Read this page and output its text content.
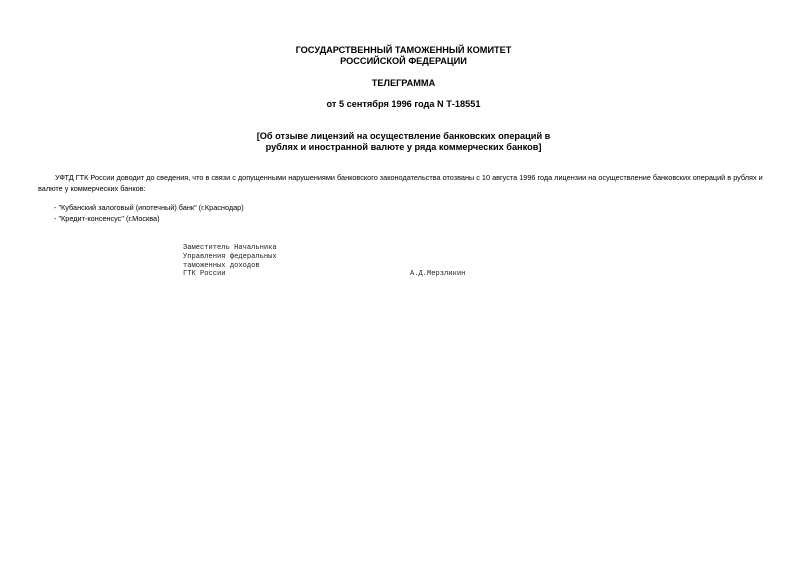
ГОСУДАРСТВЕННЫЙ ТАМОЖЕННЫЙ КОМИТЕТ
РОССИЙСКОЙ ФЕДЕРАЦИИ
ТЕЛЕГРАММА
от 5 сентября 1996 года N Т-18551
[Об отзыве лицензий на осуществление банковских операций в
рублях и иностранной валюте у ряда коммерческих банков]
УФТД ГТК России доводит до сведения, что в связи с допущенными нарушениями банковского законодательства отозваны с 10 августа 1996 года лицензии на осуществление банковских операций в рублях и валюте у коммерческих банков:
- "Кубанский залоговый (ипотечный) банк" (г.Краснодар)
- "Кредит-консенсус" (г.Москва)
Заместитель Начальника
Управления федеральных
таможенных доходов
ГТК России	А.Д.Мерзликин
